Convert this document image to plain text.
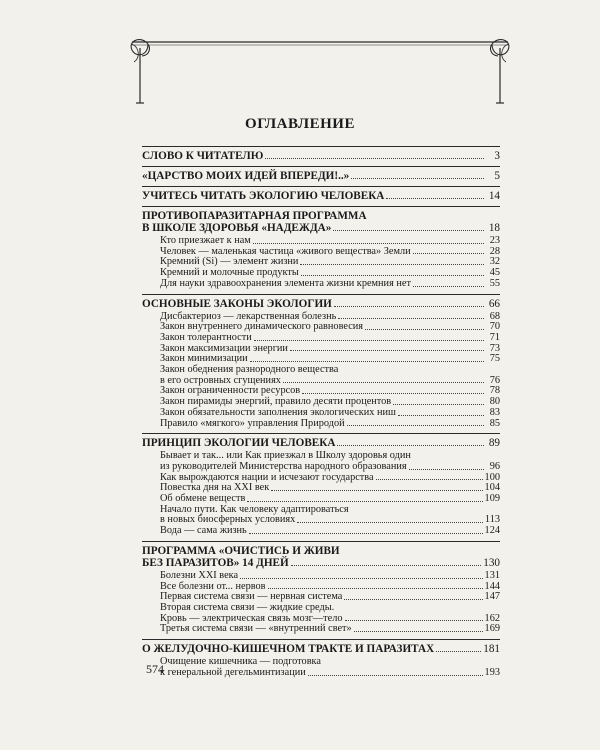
ОГЛАВЛЕНИЕ
СЛОВО К ЧИТАТЕЛЮ	3
«ЦАРСТВО МОИХ ИДЕЙ ВПЕРЕДИ!..»	5
УЧИТЕСЬ ЧИТАТЬ ЭКОЛОГИЮ ЧЕЛОВЕКА	14
ПРОТИВОПАРАЗИТАРНАЯ ПРОГРАММА
В ШКОЛЕ ЗДОРОВЬЯ «НАДЕЖДА»	18
Кто приезжает к нам	23
Человек — маленькая частица «живого вещества» Земли	28
Кремний (Si) — элемент жизни	32
Кремний и молочные продукты	45
Для науки здравоохранения элемента жизни кремния нет	55
ОСНОВНЫЕ ЗАКОНЫ ЭКОЛОГИИ	66
Дисбактериоз — лекарственная болезнь	68
Закон внутреннего динамического равновесия	70
Закон толерантности	71
Закон максимизации энергии	73
Закон минимизации	75
Закон обеднения разнородного вещества
в его островных сгущениях	76
Закон ограниченности ресурсов	78
Закон пирамиды энергий, правило десяти процентов	80
Закон обязательности заполнения экологических ниш	83
Правило «мягкого» управления Природой	85
ПРИНЦИП ЭКОЛОГИИ ЧЕЛОВЕКА	89
Бывает и так... или Как приезжал в Школу здоровья один
из руководителей Министерства народного образования	96
Как вырождаются нации и исчезают государства	100
Повестка дня на XXI век	104
Об обмене веществ	109
Начало пути. Как человеку адаптироваться
в новых биосферных условиях	113
Вода — сама жизнь	124
ПРОГРАММА «ОЧИСТИСЬ И ЖИВИ
БЕЗ ПАРАЗИТОВ» 14 ДНЕЙ	130
Болезни XXI века	131
Все болезни от... нервов	144
Первая система связи — нервная система	147
Вторая система связи — жидкие среды.
Кровь — электрическая связь мозг—тело	162
Третья система связи — «внутренний свет»	169
О ЖЕЛУДОЧНО-КИШЕЧНОМ ТРАКТЕ И ПАРАЗИТАХ	181
Очищение кишечника — подготовка
к генеральной дегельминтизации	193
574
